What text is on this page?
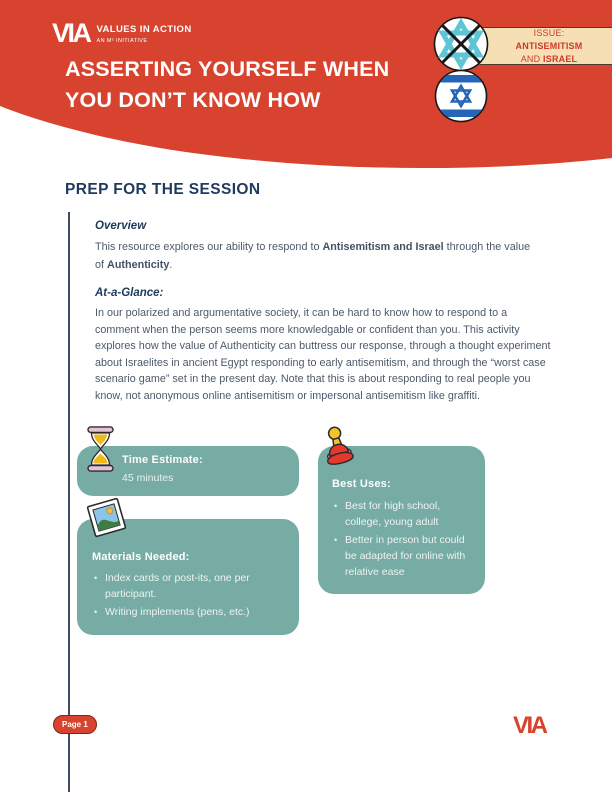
VIA VALUES IN ACTION
AN M² INITIATIVE
ASSERTING YOURSELF WHEN
YOU DON’T KNOW HOW
ISSUE: ANTISEMITISM
AND ISRAEL
PREP FOR THE SESSION
Overview
This resource explores our ability to respond to Antisemitism and Israel through the value of Authenticity.
At-a-Glance:
In our polarized and argumentative society, it can be hard to know how to respond to a comment when the person seems more knowledgable or confident than you. This activity explores how the value of Authenticity can buttress our response, through a thought experiment about Israelites in ancient Egypt responding to early antisemitism, and through the “worst case scenario game” set in the present day. Note that this is about responding to real people you know, not anonymous online antisemitism or impersonal antisemitism like graffiti.
Time Estimate:
45 minutes
Materials Needed:
• Index cards or post-its, one per participant.
• Writing implements (pens, etc.)
Best Uses:
• Best for high school, college, young adult
• Better in person but could be adapted for online with relative ease
Page 1	VIA
